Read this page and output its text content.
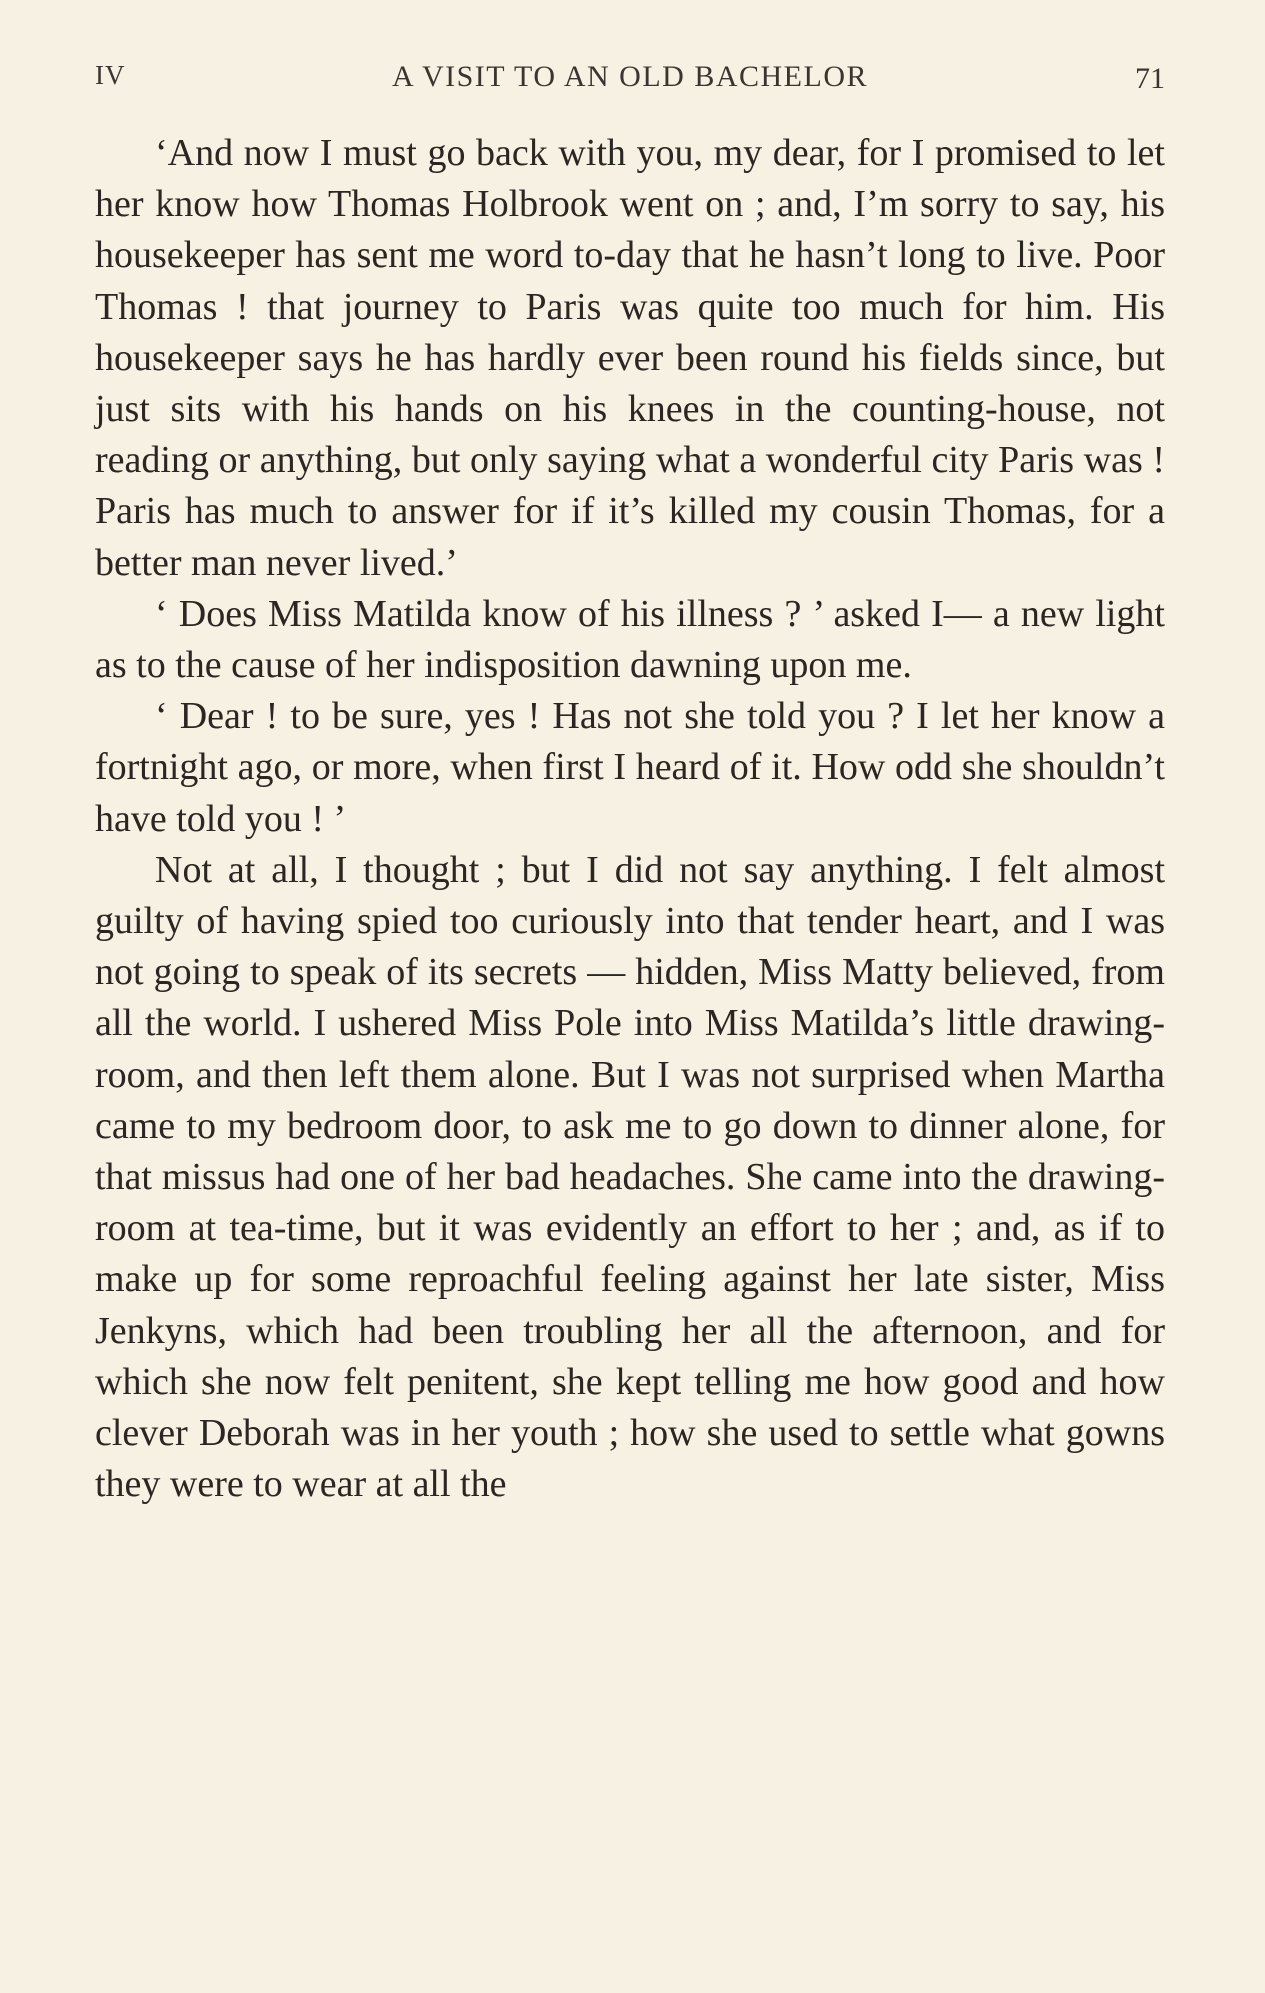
IV	A VISIT TO AN OLD BACHELOR	71

‘And now I must go back with you, my dear, for I promised to let her know how Thomas Holbrook went on ; and, I’m sorry to say, his housekeeper has sent me word to-day that he hasn’t long to live. Poor Thomas ! that journey to Paris was quite too much for him. His housekeeper says he has hardly ever been round his fields since, but just sits with his hands on his knees in the counting-house, not reading or anything, but only saying what a wonderful city Paris was ! Paris has much to answer for if it’s killed my cousin Thomas, for a better man never lived.’

‘ Does Miss Matilda know of his illness ? ’ asked I— a new light as to the cause of her indisposition dawning upon me.

‘ Dear ! to be sure, yes ! Has not she told you ? I let her know a fortnight ago, or more, when first I heard of it. How odd she shouldn’t have told you ! ’

Not at all, I thought ; but I did not say anything. I felt almost guilty of having spied too curiously into that tender heart, and I was not going to speak of its secrets — hidden, Miss Matty believed, from all the world. I ushered Miss Pole into Miss Matilda’s little drawing-room, and then left them alone. But I was not surprised when Martha came to my bedroom door, to ask me to go down to dinner alone, for that missus had one of her bad headaches. She came into the drawing-room at tea-time, but it was evidently an effort to her ; and, as if to make up for some reproachful feeling against her late sister, Miss Jenkyns, which had been troubling her all the afternoon, and for which she now felt penitent, she kept telling me how good and how clever Deborah was in her youth ; how she used to settle what gowns they were to wear at all the
